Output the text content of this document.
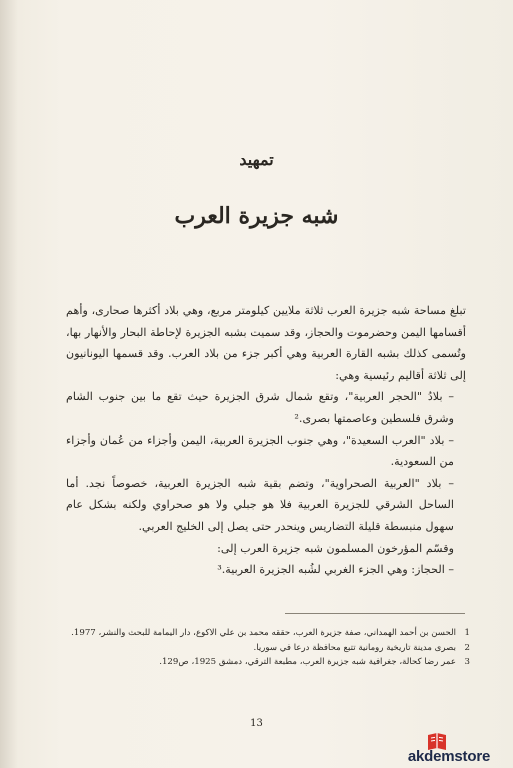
تمهيد
شبه جزيرة العرب

تبلغ مساحة شبه جزيرة العرب ثلاثة ملايين كيلومتر مربع، وهي بلاد أكثرها صحارى، وأهم أقسامها اليمن وحضرموت والحجاز، وقد سميت بشبه الجزيرة لإحاطة البحار والأنهار بها، وتُسمى كذلك بشبه القارة العربية وهي أكبر جزء من بلاد العرب. وقد قسمها اليونانيون إلى ثلاثة أقاليم رئيسية وهي:

– بلادُ "الحجر العربية"، وتقع شمال شرق الجزيرة حيث تقع ما بين جنوب الشام وشرق فلسطين وعاصمتها بصرى.²

– بلاد "العرب السعيدة"، وهي جنوب الجزيرة العربية، اليمن وأجزاء من عُمان وأجزاء من السعودية.

– بلاد "العربية الصحراوية"، وتضم بقية شبه الجزيرة العربية، خصوصاً نجد. أما الساحل الشرقي للجزيرة العربية فلا هو جبلي ولا هو صحراوي ولكنه بشكل عام سهول منبسطة قليلة التضاريس وينحدر حتى يصل إلى الخليج العربي.

وقسّم المؤرخون المسلمون شبه جزيرة العرب إلى:

– الحجاز: وهي الجزء الغربي لشُبه الجزيرة العربية.³

1
الحسن بن أحمد الهمداني، صفة جزيرة العرب، حققه محمد بن علي الاكوع، دار اليمامة للبحث والنشر، 1977.
2
بصرى مدينة تاريخية رومانية تتبع محافظة درعا في سوريا.
3
عمر رضا كحالة، جغرافية شبه جزيرة العرب، مطبعة الترقي، دمشق 1925، ص129.
13
akdemstore
